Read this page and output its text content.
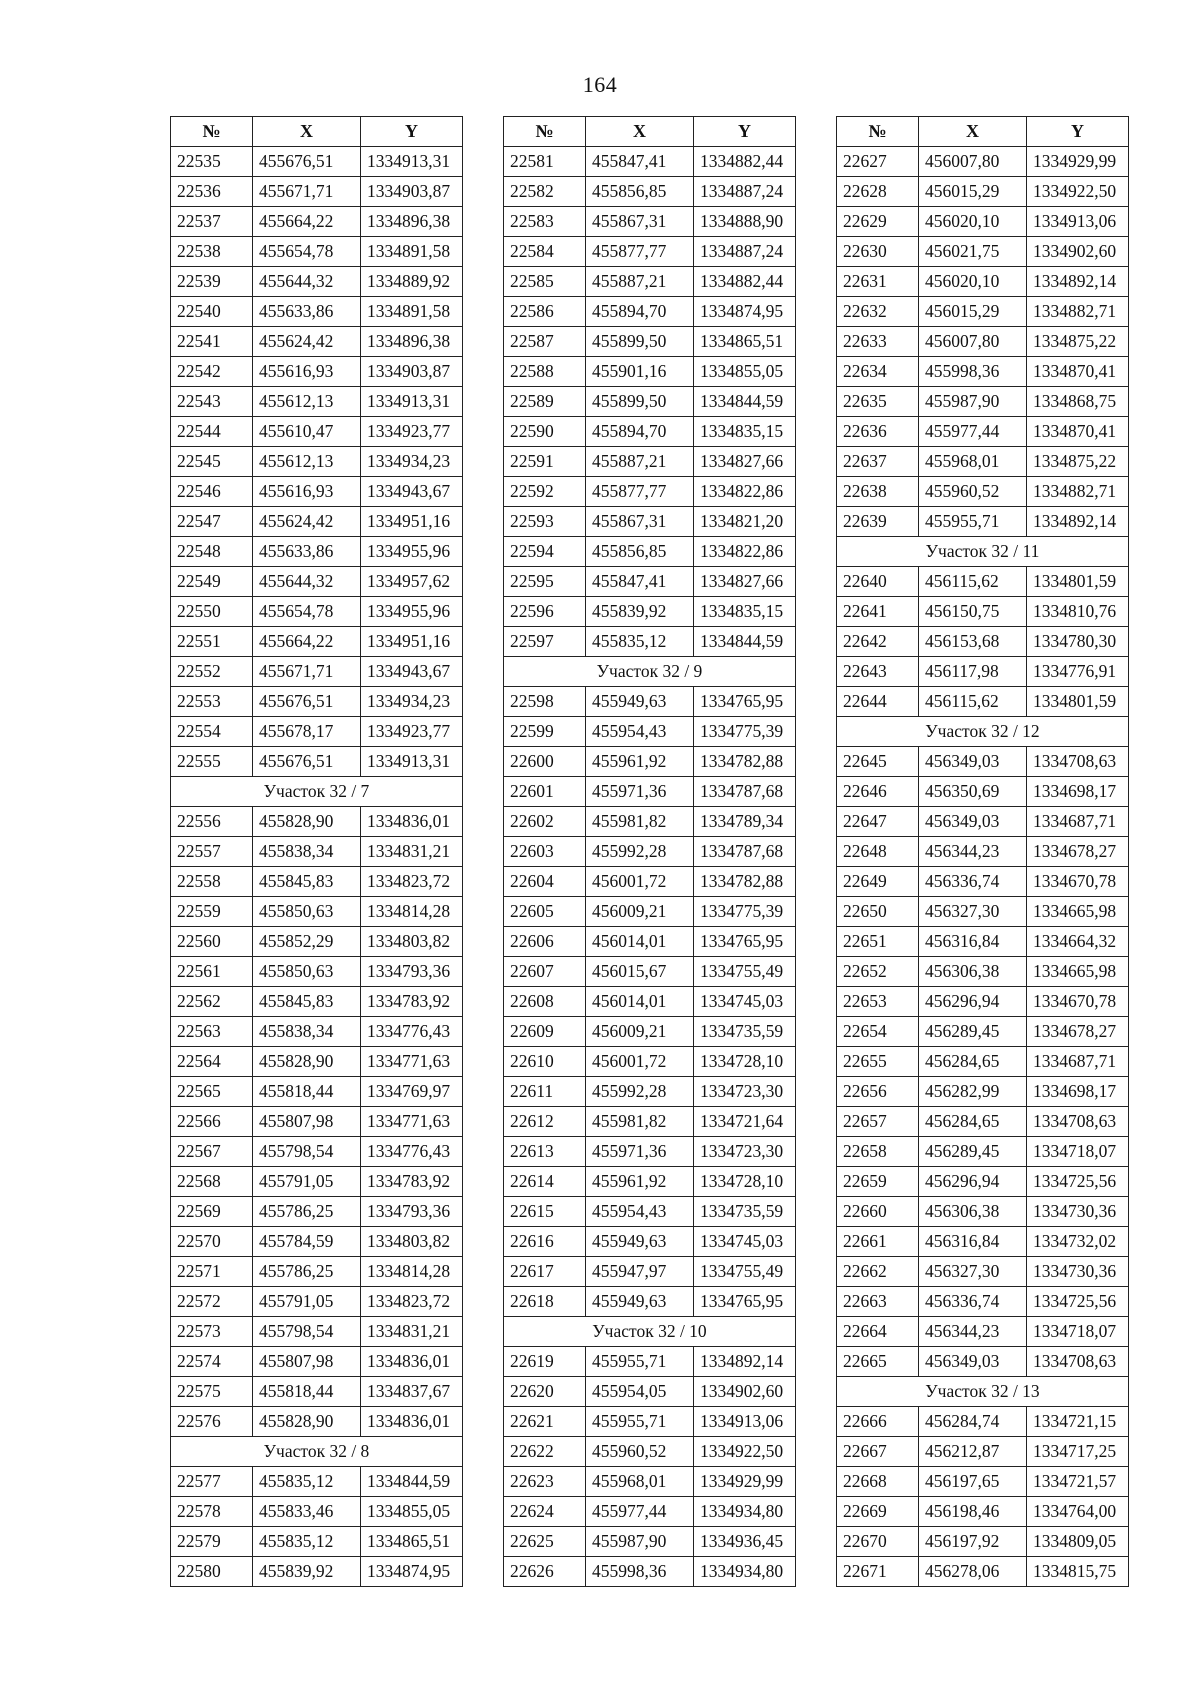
164
№	X	Y
22535	455676,51	1334913,31
22536	455671,71	1334903,87
22537	455664,22	1334896,38
22538	455654,78	1334891,58
22539	455644,32	1334889,92
22540	455633,86	1334891,58
22541	455624,42	1334896,38
22542	455616,93	1334903,87
22543	455612,13	1334913,31
22544	455610,47	1334923,77
22545	455612,13	1334934,23
22546	455616,93	1334943,67
22547	455624,42	1334951,16
22548	455633,86	1334955,96
22549	455644,32	1334957,62
22550	455654,78	1334955,96
22551	455664,22	1334951,16
22552	455671,71	1334943,67
22553	455676,51	1334934,23
22554	455678,17	1334923,77
22555	455676,51	1334913,31
Участок 32 / 7		
22556	455828,90	1334836,01
22557	455838,34	1334831,21
22558	455845,83	1334823,72
22559	455850,63	1334814,28
22560	455852,29	1334803,82
22561	455850,63	1334793,36
22562	455845,83	1334783,92
22563	455838,34	1334776,43
22564	455828,90	1334771,63
22565	455818,44	1334769,97
22566	455807,98	1334771,63
22567	455798,54	1334776,43
22568	455791,05	1334783,92
22569	455786,25	1334793,36
22570	455784,59	1334803,82
22571	455786,25	1334814,28
22572	455791,05	1334823,72
22573	455798,54	1334831,21
22574	455807,98	1334836,01
22575	455818,44	1334837,67
22576	455828,90	1334836,01
Участок 32 / 8		
22577	455835,12	1334844,59
22578	455833,46	1334855,05
22579	455835,12	1334865,51
22580	455839,92	1334874,95
№	X	Y
22581	455847,41	1334882,44
22582	455856,85	1334887,24
22583	455867,31	1334888,90
22584	455877,77	1334887,24
22585	455887,21	1334882,44
22586	455894,70	1334874,95
22587	455899,50	1334865,51
22588	455901,16	1334855,05
22589	455899,50	1334844,59
22590	455894,70	1334835,15
22591	455887,21	1334827,66
22592	455877,77	1334822,86
22593	455867,31	1334821,20
22594	455856,85	1334822,86
22595	455847,41	1334827,66
22596	455839,92	1334835,15
22597	455835,12	1334844,59
Участок 32 / 9		
22598	455949,63	1334765,95
22599	455954,43	1334775,39
22600	455961,92	1334782,88
22601	455971,36	1334787,68
22602	455981,82	1334789,34
22603	455992,28	1334787,68
22604	456001,72	1334782,88
22605	456009,21	1334775,39
22606	456014,01	1334765,95
22607	456015,67	1334755,49
22608	456014,01	1334745,03
22609	456009,21	1334735,59
22610	456001,72	1334728,10
22611	455992,28	1334723,30
22612	455981,82	1334721,64
22613	455971,36	1334723,30
22614	455961,92	1334728,10
22615	455954,43	1334735,59
22616	455949,63	1334745,03
22617	455947,97	1334755,49
22618	455949,63	1334765,95
Участок 32 / 10		
22619	455955,71	1334892,14
22620	455954,05	1334902,60
22621	455955,71	1334913,06
22622	455960,52	1334922,50
22623	455968,01	1334929,99
22624	455977,44	1334934,80
22625	455987,90	1334936,45
22626	455998,36	1334934,80
№	X	Y
22627	456007,80	1334929,99
22628	456015,29	1334922,50
22629	456020,10	1334913,06
22630	456021,75	1334902,60
22631	456020,10	1334892,14
22632	456015,29	1334882,71
22633	456007,80	1334875,22
22634	455998,36	1334870,41
22635	455987,90	1334868,75
22636	455977,44	1334870,41
22637	455968,01	1334875,22
22638	455960,52	1334882,71
22639	455955,71	1334892,14
Участок 32 / 11		
22640	456115,62	1334801,59
22641	456150,75	1334810,76
22642	456153,68	1334780,30
22643	456117,98	1334776,91
22644	456115,62	1334801,59
Участок 32 / 12		
22645	456349,03	1334708,63
22646	456350,69	1334698,17
22647	456349,03	1334687,71
22648	456344,23	1334678,27
22649	456336,74	1334670,78
22650	456327,30	1334665,98
22651	456316,84	1334664,32
22652	456306,38	1334665,98
22653	456296,94	1334670,78
22654	456289,45	1334678,27
22655	456284,65	1334687,71
22656	456282,99	1334698,17
22657	456284,65	1334708,63
22658	456289,45	1334718,07
22659	456296,94	1334725,56
22660	456306,38	1334730,36
22661	456316,84	1334732,02
22662	456327,30	1334730,36
22663	456336,74	1334725,56
22664	456344,23	1334718,07
22665	456349,03	1334708,63
Участок 32 / 13		
22666	456284,74	1334721,15
22667	456212,87	1334717,25
22668	456197,65	1334721,57
22669	456198,46	1334764,00
22670	456197,92	1334809,05
22671	456278,06	1334815,75
